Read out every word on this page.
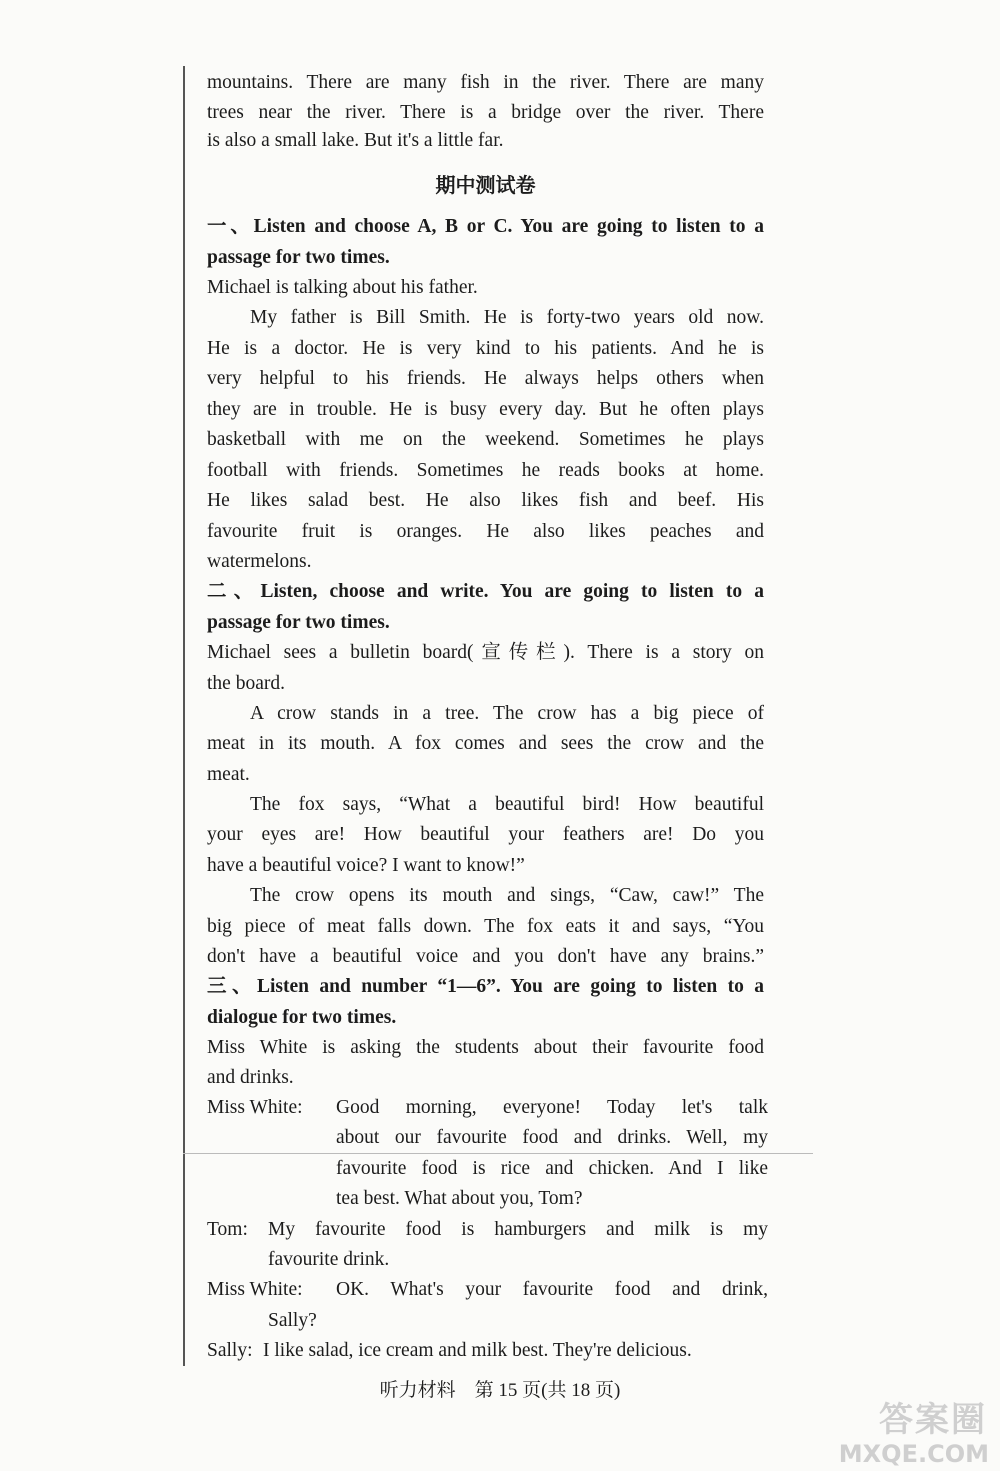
mountains. There are many fish in the river. There are many
trees near the river. There is a bridge over the river. There
is also a small lake. But it's a little far.
期中测试卷
一、Listen and choose A, B or C. You are going to listen to a
passage for two times.
Michael is talking about his father.
My father is Bill Smith. He is forty-two years old now.
He is a doctor. He is very kind to his patients. And he is
very helpful to his friends. He always helps others when
they are in trouble. He is busy every day. But he often plays
basketball with me on the weekend. Sometimes he plays
football with friends. Sometimes he reads books at home.
He likes salad best. He also likes fish and beef. His
favourite fruit is oranges. He also likes peaches and
watermelons.
二、Listen, choose and write. You are going to listen to a
passage for two times.
Michael sees a bulletin board(宣传栏). There is a story on
the board.
A crow stands in a tree. The crow has a big piece of
meat in its mouth. A fox comes and sees the crow and the
meat.
The fox says, “What a beautiful bird! How beautiful
your eyes are! How beautiful your feathers are! Do you
have a beautiful voice? I want to know!”
The crow opens its mouth and sings, “Caw, caw!” The
big piece of meat falls down. The fox eats it and says, “You
don't have a beautiful voice and you don't have any brains.”
三、Listen and number “1—6”. You are going to listen to a
dialogue for two times.
Miss White is asking the students about their favourite food
and drinks.
Miss White: Good morning, everyone! Today let's talk
about our favourite food and drinks. Well, my
favourite food is rice and chicken. And I like
tea best. What about you, Tom?
Tom: My favourite food is hamburgers and milk is my
favourite drink.
Miss White: OK. What's your favourite food and drink,
Sally?
Sally: I like salad, ice cream and milk best. They're delicious.
听力材料　第 15 页(共 18 页)
答案圈
MXQE.COM
